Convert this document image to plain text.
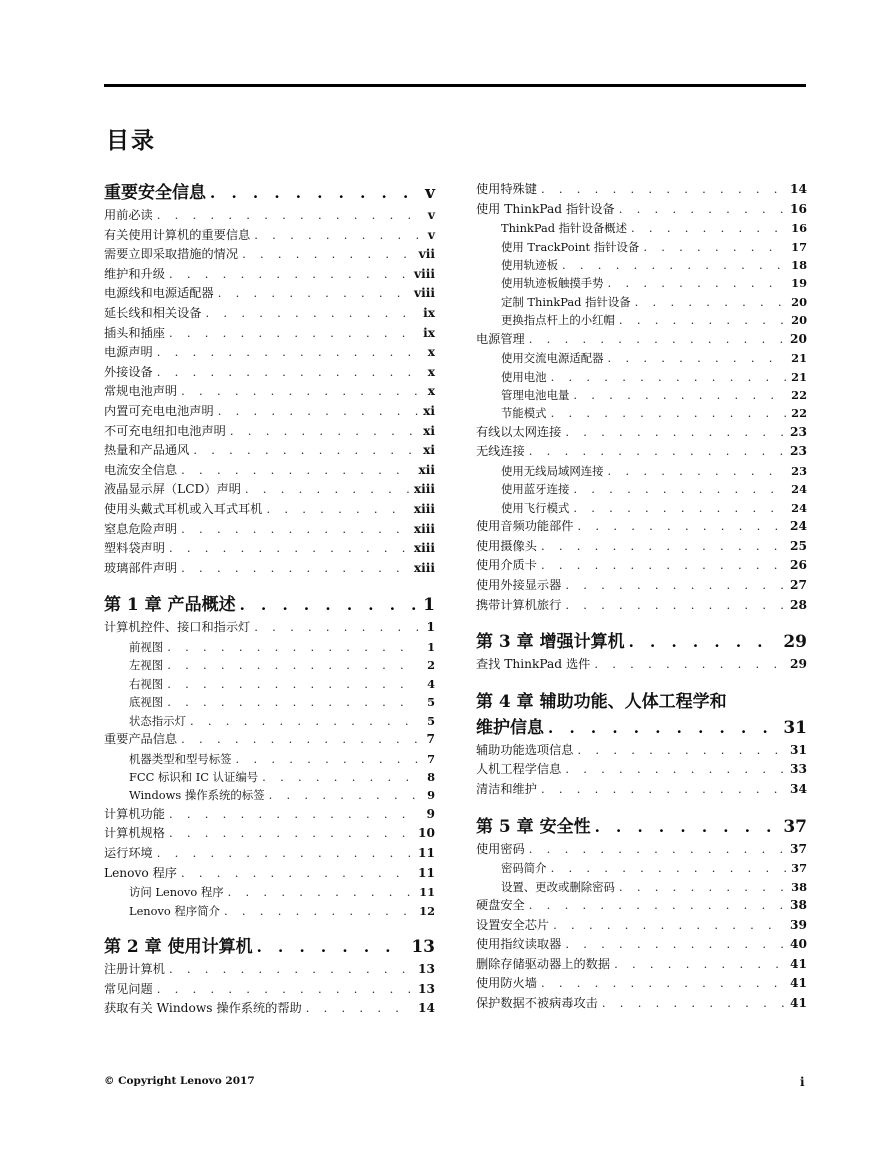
目录
重要安全信息 . . .	v
用前必读 . . .	v
有关使用计算机的重要信息 . . .	v
需要立即采取措施的情况 . . .	vii
维护和升级 . . .	viii
电源线和电源适配器 . . .	viii
延长线和相关设备 . . .	ix
插头和插座 . . .	ix
电源声明 . . .	x
外接设备 . . .	x
常规电池声明 . . .	x
内置可充电电池声明 . . .	xi
不可充电纽扣电池声明 . . .	xi
热量和产品通风 . . .	xi
电流安全信息 . . .	xii
液晶显示屏（LCD）声明 . . .	xiii
使用头戴式耳机或入耳式耳机 . . .	xiii
窒息危险声明 . . .	xiii
塑料袋声明 . . .	xiii
玻璃部件声明 . . .	xiii
第 1 章 产品概述 . . .	1
计算机控件、接口和指示灯 . . .	1
前视图 . . .	1
左视图 . . .	2
右视图 . . .	4
底视图 . . .	5
状态指示灯 . . .	5
重要产品信息 . . .	7
机器类型和型号标签 . . .	7
FCC 标识和 IC 认证编号 . . .	8
Windows 操作系统的标签 . . .	9
计算机功能 . . .	9
计算机规格 . . .	10
运行环境 . . .	11
Lenovo 程序 . . .	11
访问 Lenovo 程序 . . .	11
Lenovo 程序简介 . . .	12
第 2 章 使用计算机 . . .	13
注册计算机 . . .	13
常见问题 . . .	13
获取有关 Windows 操作系统的帮助 . . .	14
使用特殊键 . . .	14
使用 ThinkPad 指针设备 . . .	16
ThinkPad 指针设备概述 . . .	16
使用 TrackPoint 指针设备 . . .	17
使用轨迹板 . . .	18
使用轨迹板触摸手势 . . .	19
定制 ThinkPad 指针设备 . . .	20
更换指点杆上的小红帽 . . .	20
电源管理 . . .	20
使用交流电源适配器 . . .	21
使用电池 . . .	21
管理电池电量 . . .	22
节能模式 . . .	22
有线以太网连接 . . .	23
无线连接 . . .	23
使用无线局域网连接 . . .	23
使用蓝牙连接 . . .	24
使用飞行模式 . . .	24
使用音频功能部件 . . .	24
使用摄像头 . . .	25
使用介质卡 . . .	26
使用外接显示器 . . .	27
携带计算机旅行 . . .	28
第 3 章 增强计算机 . . .	29
查找 ThinkPad 选件 . . .	29
第 4 章 辅助功能、人体工程学和
维护信息 . . .	31
辅助功能选项信息 . . .	31
人机工程学信息 . . .	33
清洁和维护 . . .	34
第 5 章 安全性 . . .	37
使用密码 . . .	37
密码简介 . . .	37
设置、更改或删除密码 . . .	38
硬盘安全 . . .	38
设置安全芯片 . . .	39
使用指纹读取器 . . .	40
删除存储驱动器上的数据 . . .	41
使用防火墙 . . .	41
保护数据不被病毒攻击 . . .	41
© Copyright Lenovo 2017	i
